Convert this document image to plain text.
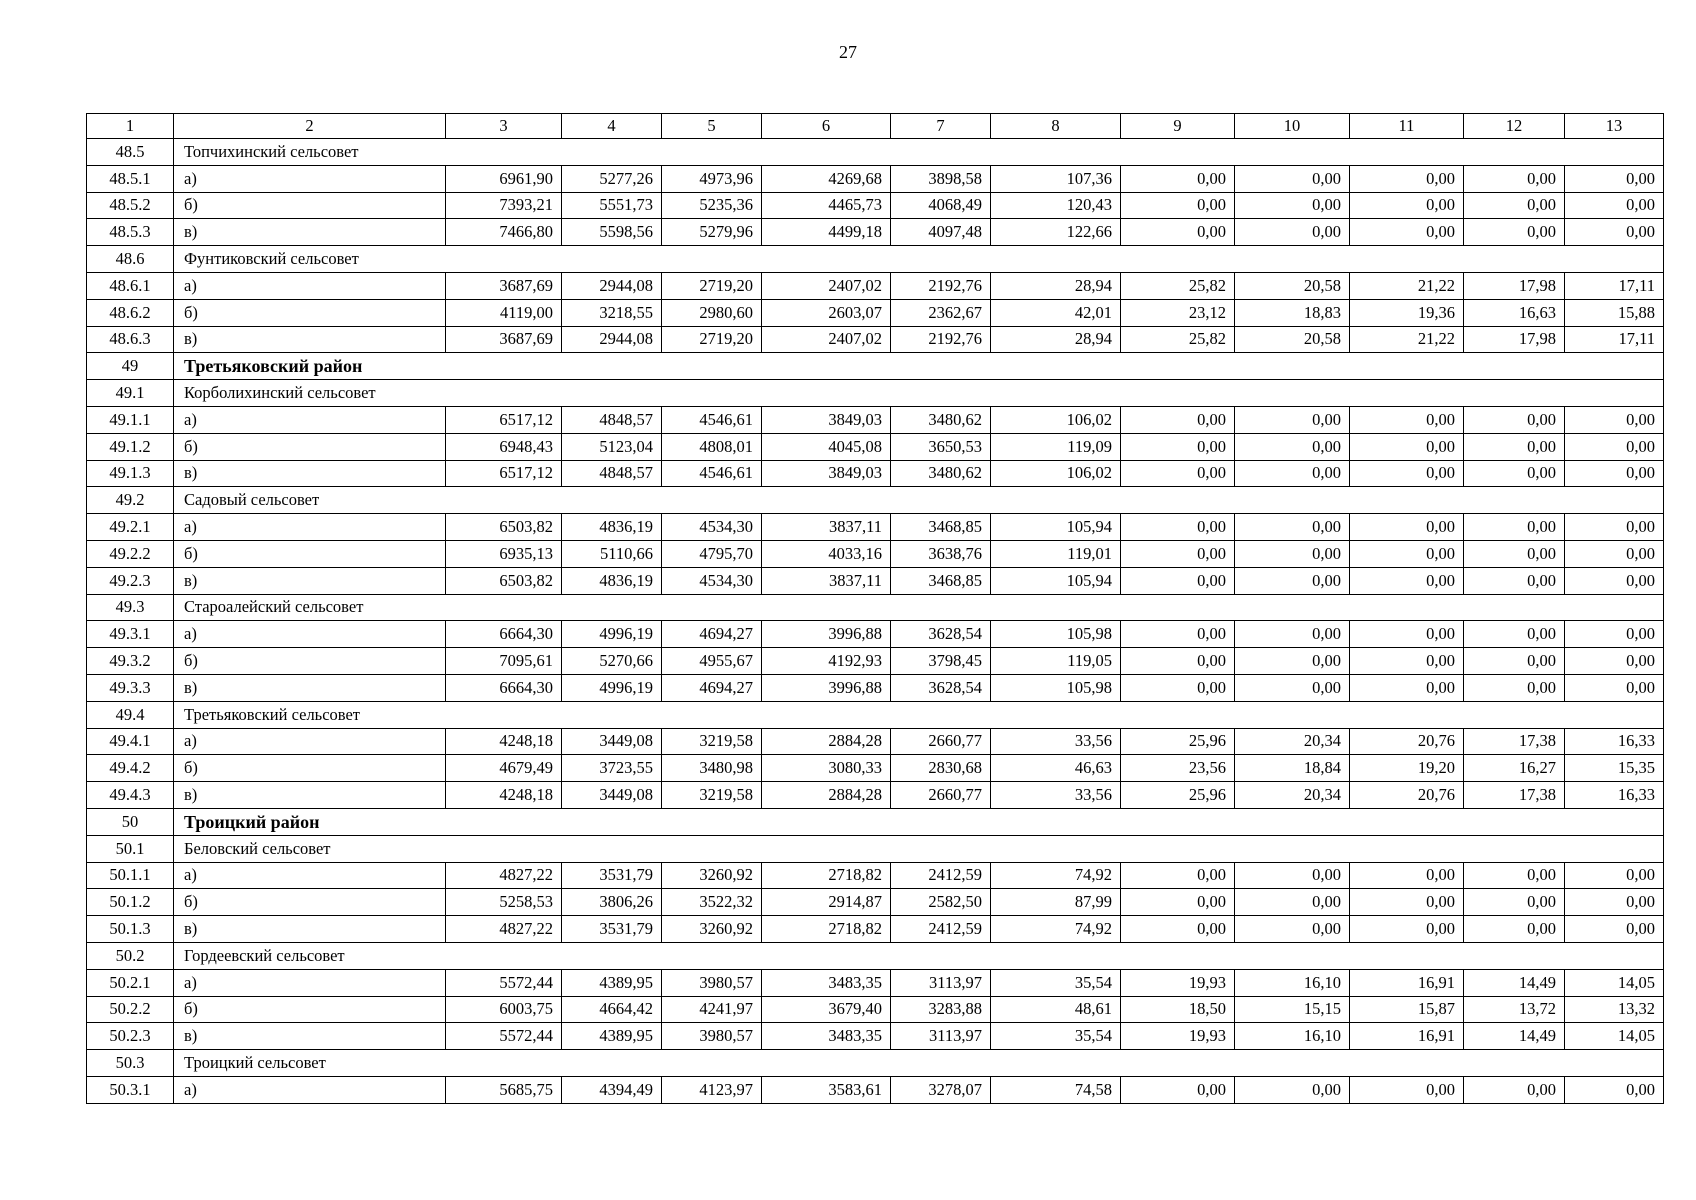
27
1	2	3	4	5	6	7	8	9	10	11	12	13
48.5	Топчихинский сельсовет											
48.5.1	а)	6961,90	5277,26	4973,96	4269,68	3898,58	107,36	0,00	0,00	0,00	0,00	0,00
48.5.2	б)	7393,21	5551,73	5235,36	4465,73	4068,49	120,43	0,00	0,00	0,00	0,00	0,00
48.5.3	в)	7466,80	5598,56	5279,96	4499,18	4097,48	122,66	0,00	0,00	0,00	0,00	0,00
48.6	Фунтиковский сельсовет											
48.6.1	а)	3687,69	2944,08	2719,20	2407,02	2192,76	28,94	25,82	20,58	21,22	17,98	17,11
48.6.2	б)	4119,00	3218,55	2980,60	2603,07	2362,67	42,01	23,12	18,83	19,36	16,63	15,88
48.6.3	в)	3687,69	2944,08	2719,20	2407,02	2192,76	28,94	25,82	20,58	21,22	17,98	17,11
49	Третьяковский район											
49.1	Корболихинский сельсовет											
49.1.1	а)	6517,12	4848,57	4546,61	3849,03	3480,62	106,02	0,00	0,00	0,00	0,00	0,00
49.1.2	б)	6948,43	5123,04	4808,01	4045,08	3650,53	119,09	0,00	0,00	0,00	0,00	0,00
49.1.3	в)	6517,12	4848,57	4546,61	3849,03	3480,62	106,02	0,00	0,00	0,00	0,00	0,00
49.2	Садовый сельсовет											
49.2.1	а)	6503,82	4836,19	4534,30	3837,11	3468,85	105,94	0,00	0,00	0,00	0,00	0,00
49.2.2	б)	6935,13	5110,66	4795,70	4033,16	3638,76	119,01	0,00	0,00	0,00	0,00	0,00
49.2.3	в)	6503,82	4836,19	4534,30	3837,11	3468,85	105,94	0,00	0,00	0,00	0,00	0,00
49.3	Староалейский сельсовет											
49.3.1	а)	6664,30	4996,19	4694,27	3996,88	3628,54	105,98	0,00	0,00	0,00	0,00	0,00
49.3.2	б)	7095,61	5270,66	4955,67	4192,93	3798,45	119,05	0,00	0,00	0,00	0,00	0,00
49.3.3	в)	6664,30	4996,19	4694,27	3996,88	3628,54	105,98	0,00	0,00	0,00	0,00	0,00
49.4	Третьяковский сельсовет											
49.4.1	а)	4248,18	3449,08	3219,58	2884,28	2660,77	33,56	25,96	20,34	20,76	17,38	16,33
49.4.2	б)	4679,49	3723,55	3480,98	3080,33	2830,68	46,63	23,56	18,84	19,20	16,27	15,35
49.4.3	в)	4248,18	3449,08	3219,58	2884,28	2660,77	33,56	25,96	20,34	20,76	17,38	16,33
50	Троицкий район											
50.1	Беловский сельсовет											
50.1.1	а)	4827,22	3531,79	3260,92	2718,82	2412,59	74,92	0,00	0,00	0,00	0,00	0,00
50.1.2	б)	5258,53	3806,26	3522,32	2914,87	2582,50	87,99	0,00	0,00	0,00	0,00	0,00
50.1.3	в)	4827,22	3531,79	3260,92	2718,82	2412,59	74,92	0,00	0,00	0,00	0,00	0,00
50.2	Гордеевский сельсовет											
50.2.1	а)	5572,44	4389,95	3980,57	3483,35	3113,97	35,54	19,93	16,10	16,91	14,49	14,05
50.2.2	б)	6003,75	4664,42	4241,97	3679,40	3283,88	48,61	18,50	15,15	15,87	13,72	13,32
50.2.3	в)	5572,44	4389,95	3980,57	3483,35	3113,97	35,54	19,93	16,10	16,91	14,49	14,05
50.3	Троицкий сельсовет											
50.3.1	а)	5685,75	4394,49	4123,97	3583,61	3278,07	74,58	0,00	0,00	0,00	0,00	0,00
